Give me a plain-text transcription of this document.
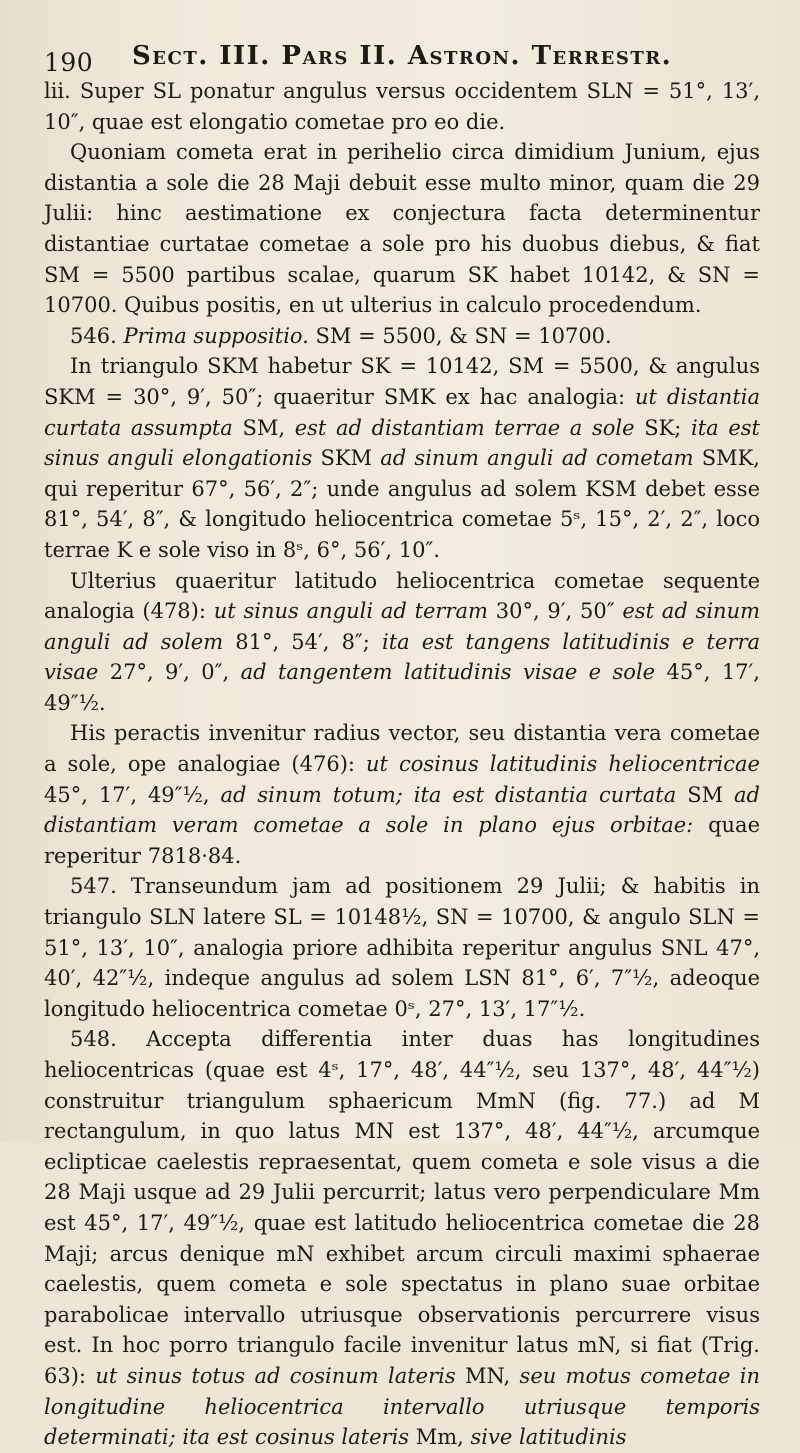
190 Sect. III. Pars II. Astron. Terrestr.

lii. Super SL ponatur angulus versus occidentem SLN = 51°, 13′, 10″, quae est elongatio cometae pro eo die.

Quoniam cometa erat in perihelio circa dimidium Junium, ejus distantia a sole die 28 Maji debuit esse multo minor, quam die 29 Julii: hinc aestimatione ex conjectura facta determinentur distantiae curtatae cometae a sole pro his duobus diebus, & fiat SM = 5500 partibus scalae, quarum SK habet 10142, & SN = 10700. Quibus positis, en ut ulterius in calculo procedendum.

546. Prima suppositio. SM = 5500, & SN = 10700.

In triangulo SKM habetur SK = 10142, SM = 5500, & angulus SKM = 30°, 9′, 50″; quaeritur SMK ex hac analogia: ut distantia curtata assumpta SM, est ad distantiam terrae a sole SK; ita est sinus anguli elongationis SKM ad sinum anguli ad cometam SMK, qui reperitur 67°, 56′, 2″; unde angulus ad solem KSM debet esse 81°, 54′, 8″, & longitudo heliocentrica cometae 5ˢ, 15°, 2′, 2″, loco terrae K e sole viso in 8ˢ, 6°, 56′, 10″.

Ulterius quaeritur latitudo heliocentrica cometae sequente analogia (478): ut sinus anguli ad terram 30°, 9′, 50″ est ad sinum anguli ad solem 81°, 54′, 8″; ita est tangens latitudinis e terra visae 27°, 9′, 0″, ad tangentem latitudinis visae e sole 45°, 17′, 49″½.

His peractis invenitur radius vector, seu distantia vera cometae a sole, ope analogiae (476): ut cosinus latitudinis heliocentricae 45°, 17′, 49″½, ad sinum totum; ita est distantia curtata SM ad distantiam veram cometae a sole in plano ejus orbitae: quae reperitur 7818·84.

547. Transeundum jam ad positionem 29 Julii; & habitis in triangulo SLN latere SL = 10148½, SN = 10700, & angulo SLN = 51°, 13′, 10″, analogia priore adhibita reperitur angulus SNL 47°, 40′, 42″½, indeque angulus ad solem LSN 81°, 6′, 7″½, adeoque longitudo heliocentrica cometae 0ˢ, 27°, 13′, 17″½.

548. Accepta differentia inter duas has longitudines heliocentricas (quae est 4ˢ, 17°, 48′, 44″½, seu 137°, 48′, 44″½) construitur triangulum sphaericum MmN (fig. 77.) ad M rectangulum, in quo latus MN est 137°, 48′, 44″½, arcumque eclipticae caelestis repraesentat, quem cometa e sole visus a die 28 Maji usque ad 29 Julii percurrit; latus vero perpendiculare Mm est 45°, 17′, 49″½, quae est latitudo heliocentrica cometae die 28 Maji; arcus denique mN exhibet arcum circuli maximi sphaerae caelestis, quem cometa e sole spectatus in plano suae orbitae parabolicae intervallo utriusque observationis percurrere visus est. In hoc porro triangulo facile invenitur latus mN, si fiat (Trig. 63): ut sinus totus ad cosinum lateris MN, seu motus cometae in longitudine heliocentrica intervallo utriusque temporis determinati; ita est cosinus lateris Mm, sive latitudinis
